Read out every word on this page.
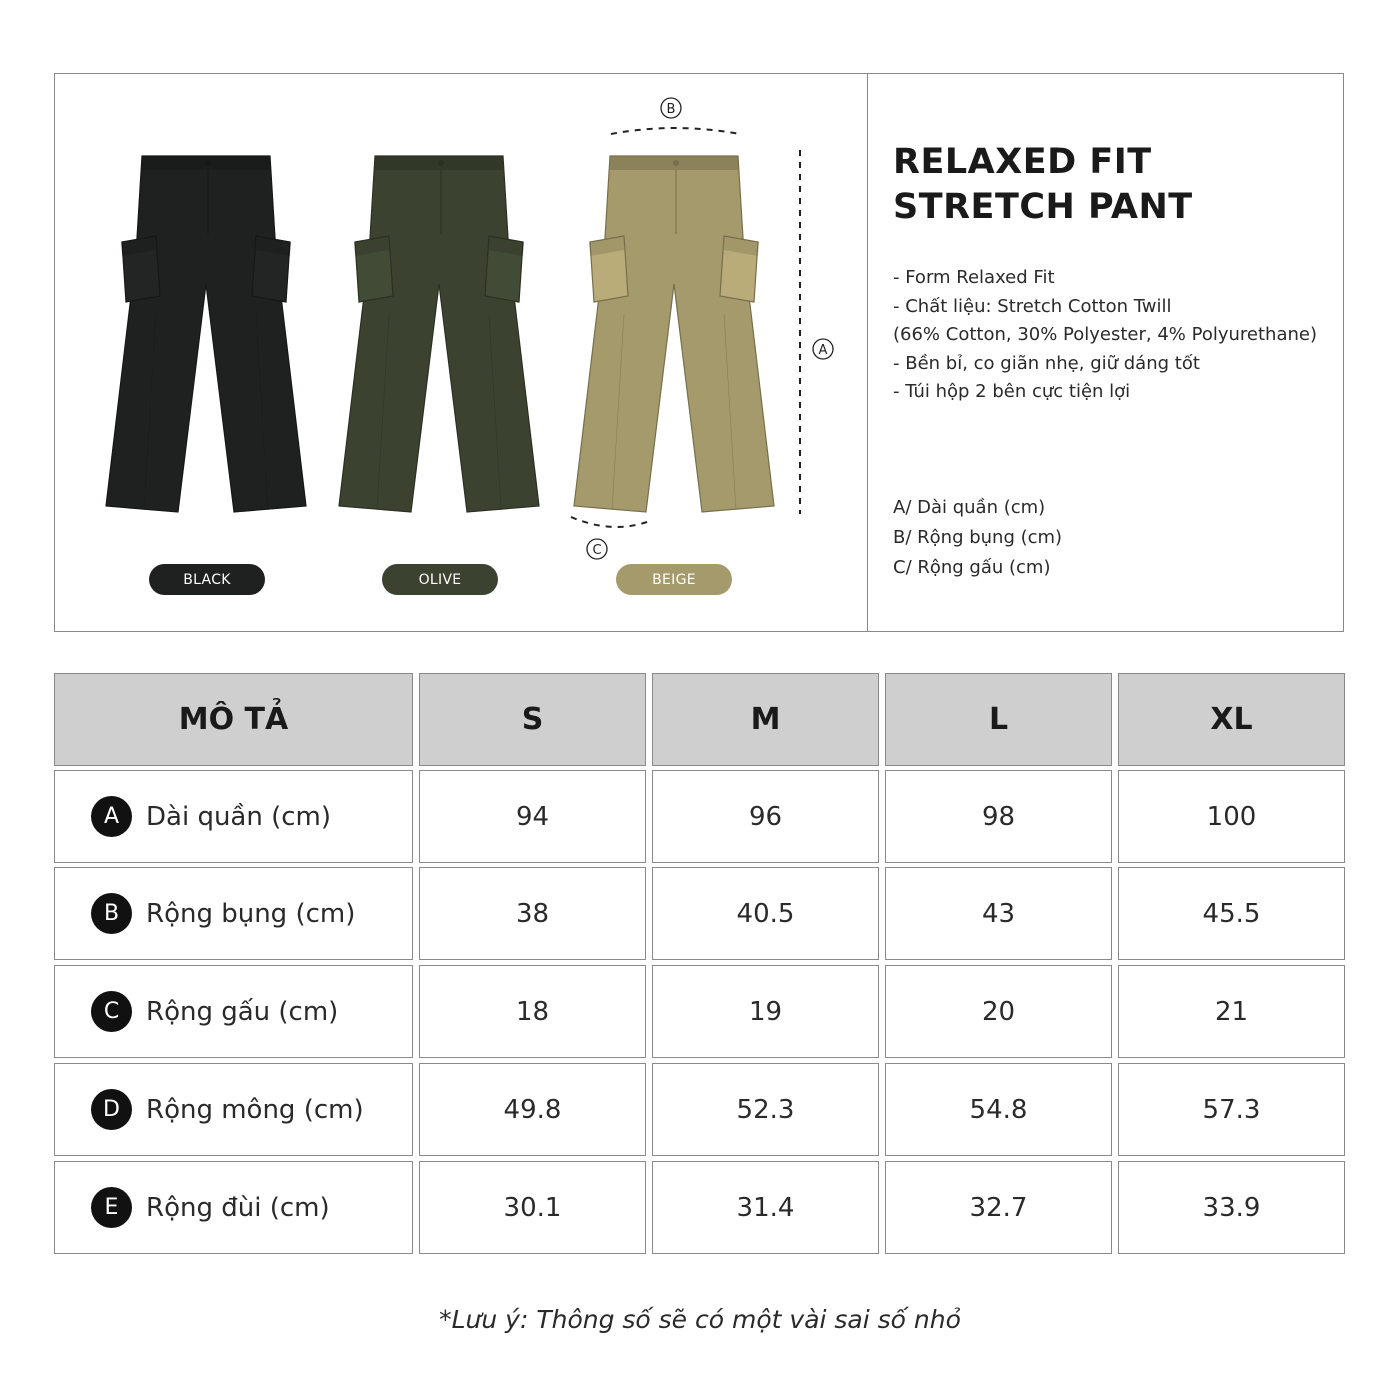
B
A
C
BLACK	OLIVE	BEIGE
RELAXED FIT
STRETCH PANT
- Form Relaxed Fit
- Chất liệu: Stretch Cotton Twill
(66% Cotton, 30% Polyester, 4% Polyurethane)
- Bền bỉ, co giãn nhẹ, giữ dáng tốt
- Túi hộp 2 bên cực tiện lợi
A/ Dài quần (cm)
B/ Rộng bụng (cm)
C/ Rộng gấu (cm)
MÔ TẢ	S	M	L	XL
A	Dài quần (cm)	94	96	98	100
B	Rộng bụng (cm)	38	40.5	43	45.5
C	Rộng gấu (cm)	18	19	20	21
D	Rộng mông (cm)	49.8	52.3	54.8	57.3
E	Rộng đùi (cm)	30.1	31.4	32.7	33.9
*Lưu ý: Thông số sẽ có một vài sai số nhỏ
